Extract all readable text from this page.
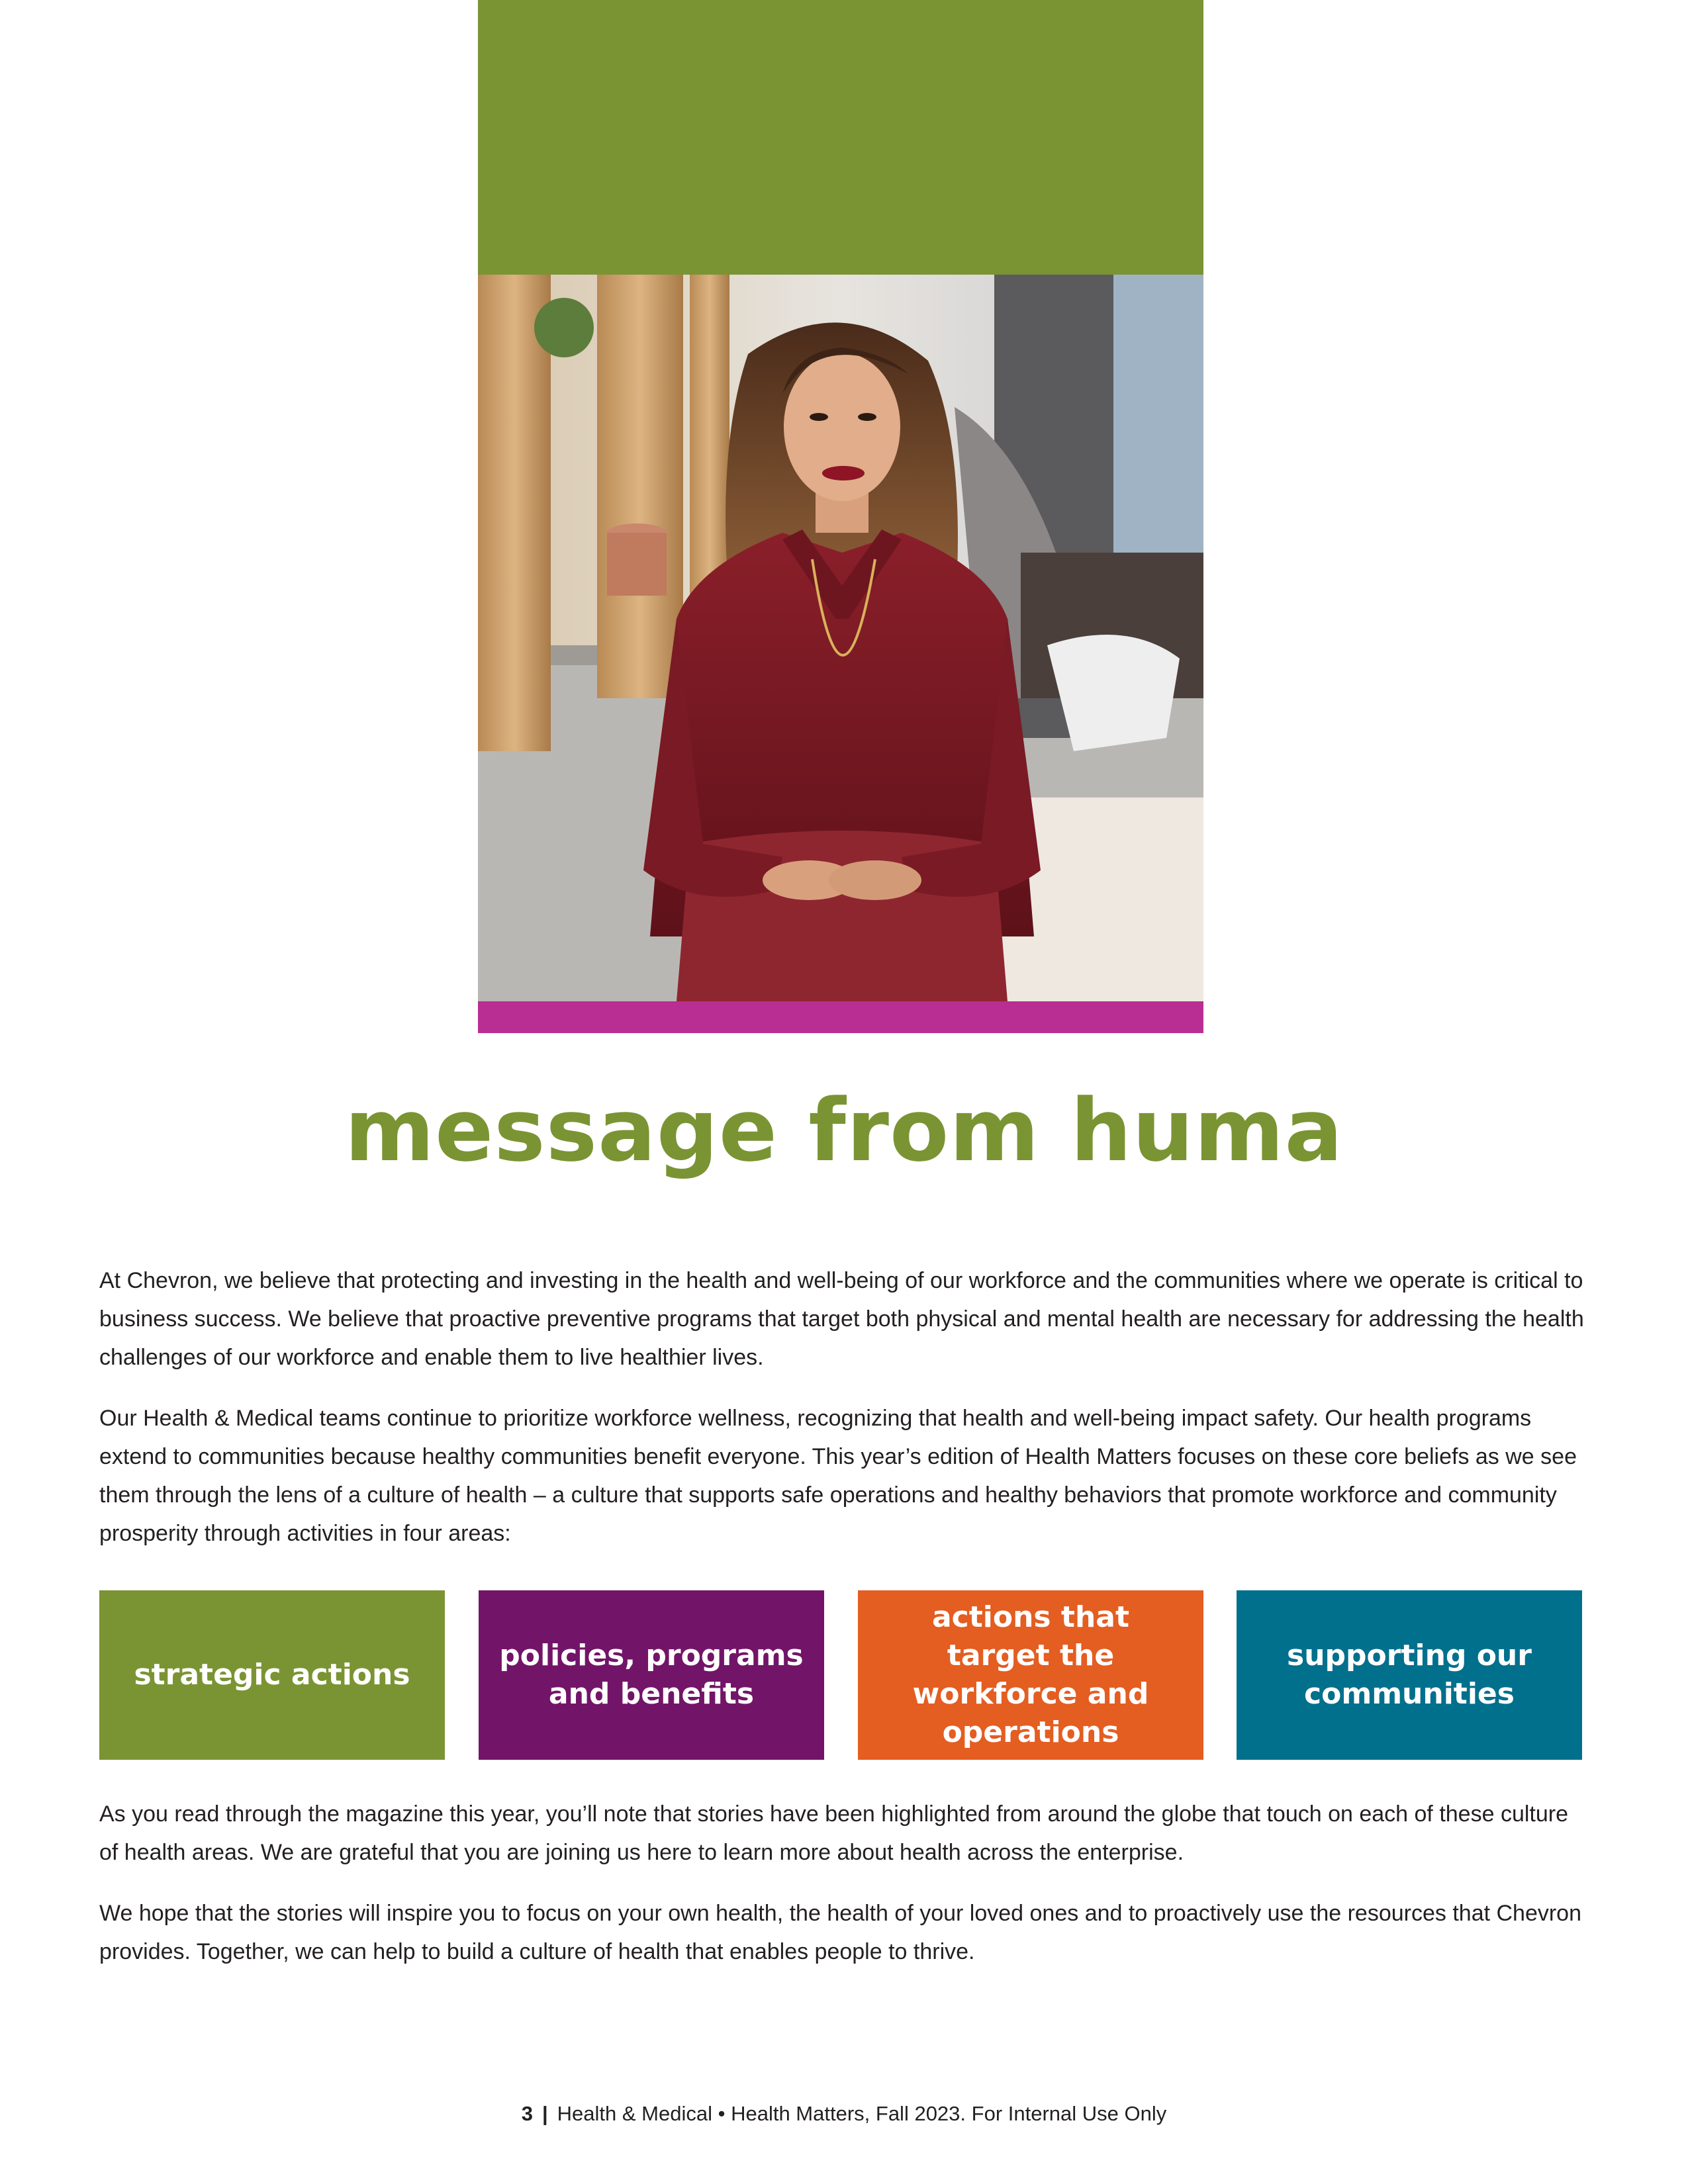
message from huma

At Chevron, we believe that protecting and investing in the health and well-being of our workforce and the communities where we operate is critical to business success. We believe that proactive preventive programs that target both physical and mental health are necessary for addressing the health challenges of our workforce and enable them to live healthier lives.

Our Health & Medical teams continue to prioritize workforce wellness, recognizing that health and well-being impact safety. Our health programs extend to communities because healthy communities benefit everyone. This year’s edition of Health Matters focuses on these core beliefs as we see them through the lens of a culture of health – a culture that supports safe operations and healthy behaviors that promote workforce and community prosperity through activities in four areas:

strategic actions
policies, programs and benefits
actions that target the workforce and operations
supporting our communities

As you read through the magazine this year, you’ll note that stories have been highlighted from around the globe that touch on each of these culture of health areas. We are grateful that you are joining us here to learn more about health across the enterprise.

We hope that the stories will inspire you to focus on your own health, the health of your loved ones and to proactively use the resources that Chevron provides. Together, we can help to build a culture of health that enables people to thrive.

3 | Health & Medical • Health Matters, Fall 2023. For Internal Use Only
